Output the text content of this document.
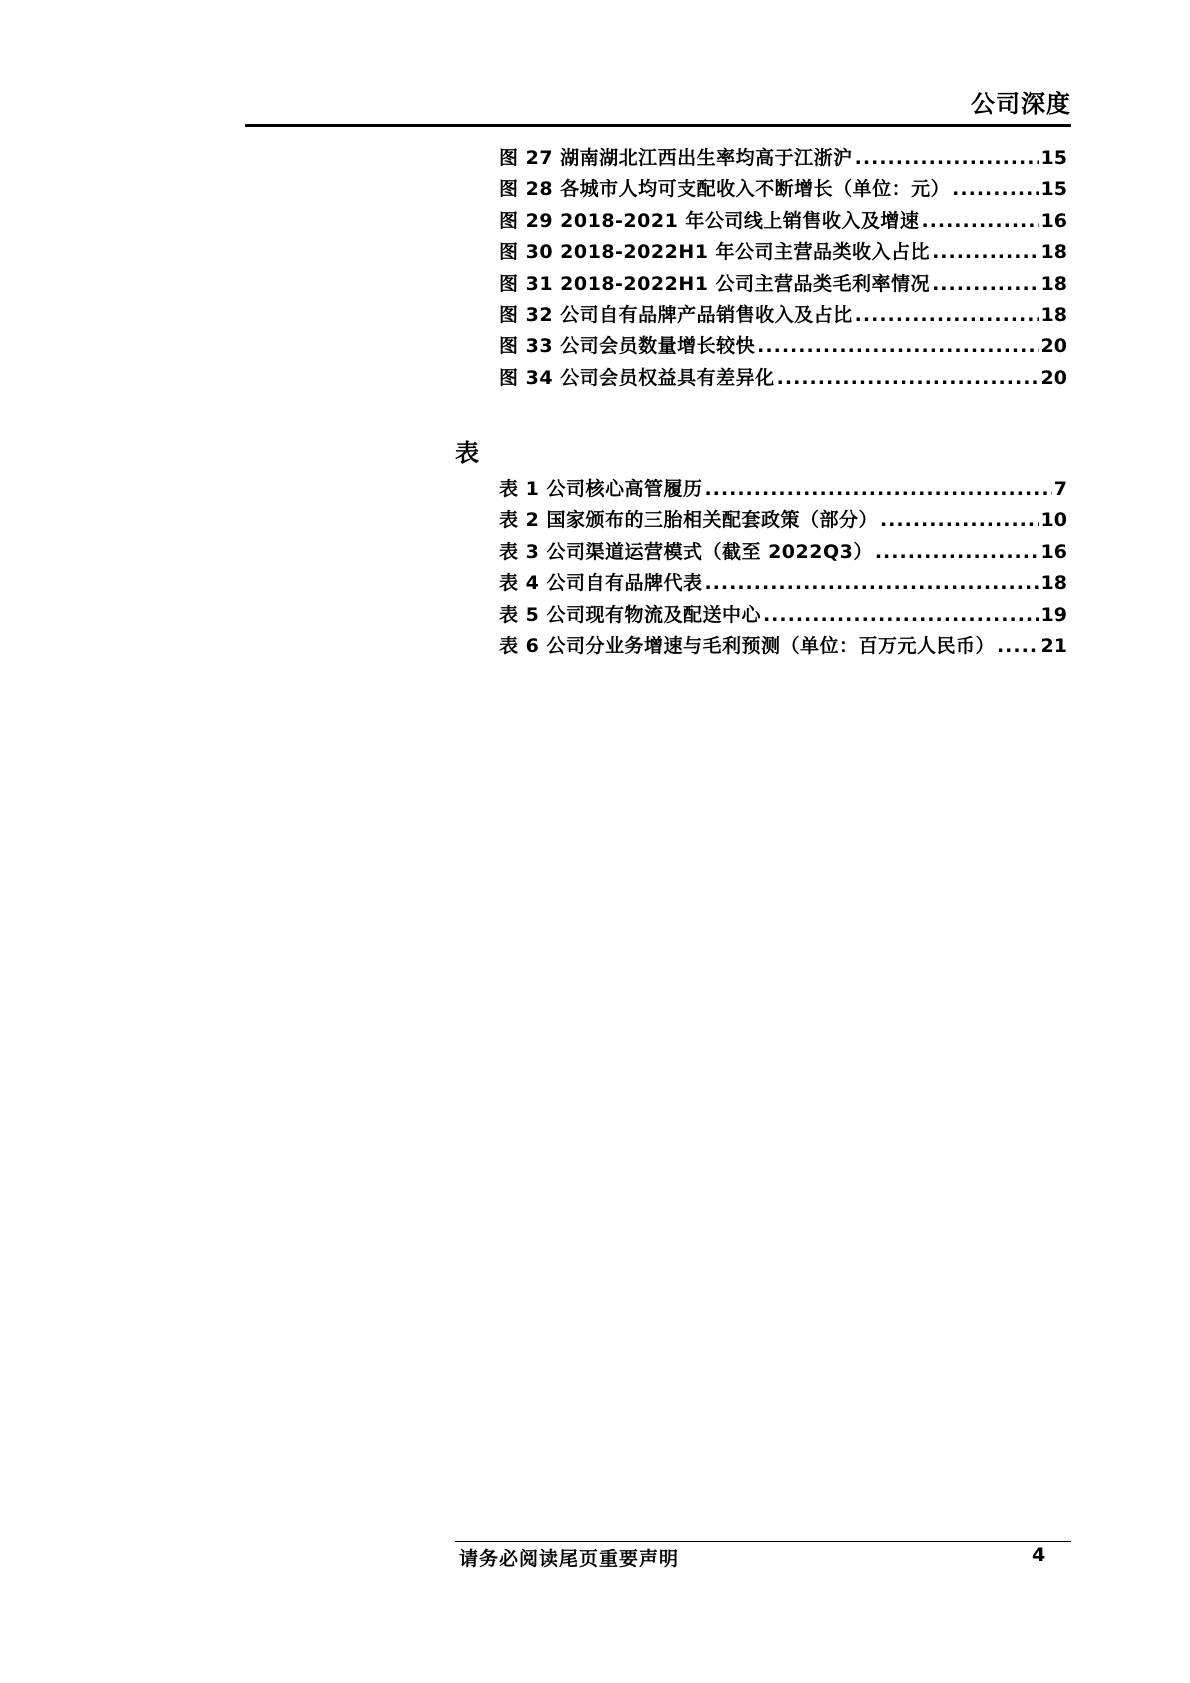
公司深度
图 27 湖南湖北江西出生率均高于江浙沪 .....	15
图 28 各城市人均可支配收入不断增长（单位：元） .....	15
图 29 2018-2021 年公司线上销售收入及增速 .....	16
图 30 2018-2022H1 年公司主营品类收入占比 .....	18
图 31 2018-2022H1 公司主营品类毛利率情况 .....	18
图 32 公司自有品牌产品销售收入及占比 .....	18
图 33 公司会员数量增长较快 .....	20
图 34 公司会员权益具有差异化 .....	20
表
表 1 公司核心高管履历 .....	7
表 2 国家颁布的三胎相关配套政策（部分） .....	10
表 3 公司渠道运营模式（截至 2022Q3） .....	16
表 4 公司自有品牌代表 .....	18
表 5 公司现有物流及配送中心 .....	19
表 6 公司分业务增速与毛利预测（单位：百万元人民币） ..... 21
请务必阅读尾页重要声明	4
